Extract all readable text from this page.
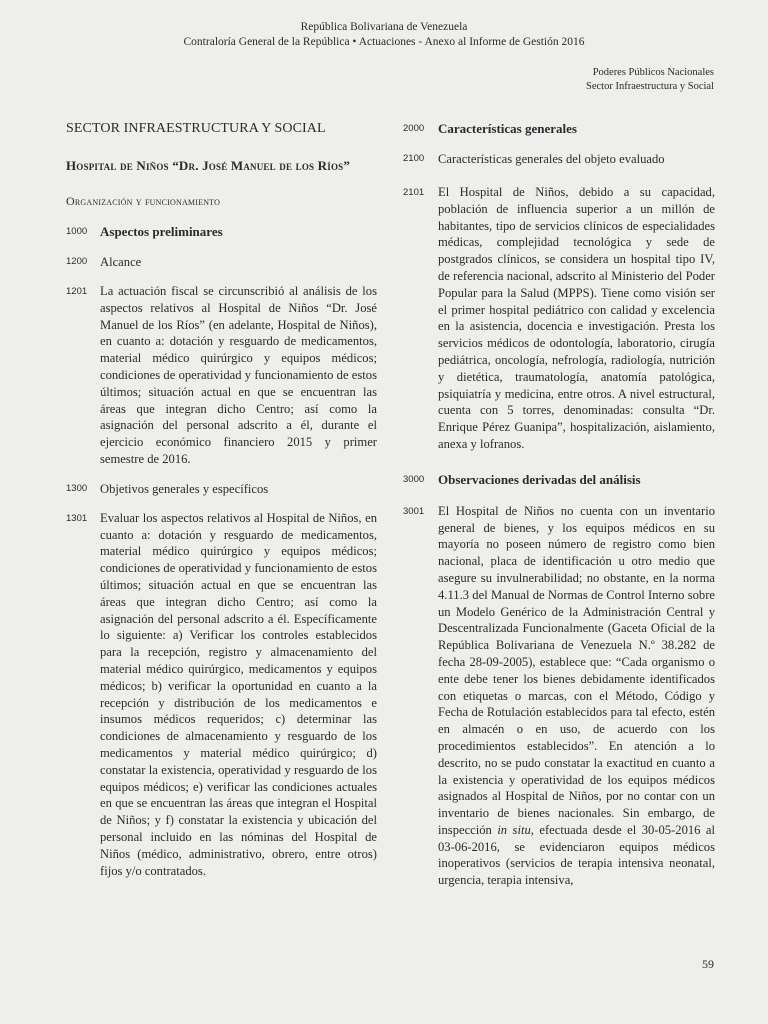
República Bolivariana de Venezuela
Contraloría General de la República • Actuaciones - Anexo al Informe de Gestión 2016
Poderes Públicos Nacionales
Sector Infraestructura y Social
SECTOR INFRAESTRUCTURA Y SOCIAL
Hospital de Niños “Dr. José Manuel de los Ríos”
Organización y funcionamiento
1000 Aspectos preliminares
1200	Alcance
1201	La actuación fiscal se circunscribió al análisis de los aspectos relativos al Hospital de Niños “Dr. José Manuel de los Ríos” (en adelante, Hospital de Niños), en cuanto a: dotación y resguardo de medicamentos, material médico quirúrgico y equipos médicos; condiciones de operatividad y funcionamiento de estos últimos; situación actual en que se encuentran las áreas que integran dicho Centro; así como la asignación del personal adscrito a él, durante el ejercicio económico financiero 2015 y primer semestre de 2016.
1300	Objetivos generales y específicos
1301	Evaluar los aspectos relativos al Hospital de Niños, en cuanto a: dotación y resguardo de medicamentos, material médico quirúrgico y equipos médicos; condiciones de operatividad y funcionamiento de estos últimos; situación actual en que se encuentran las áreas que integran dicho Centro; así como la asignación del personal adscrito a él. Específicamente lo siguiente: a) Verificar los controles establecidos para la recepción, registro y almacenamiento del material médico quirúrgico, medicamentos y equipos médicos; b) verificar la oportunidad en cuanto a la recepción y distribución de los medicamentos e insumos médicos requeridos; c) determinar las condiciones de almacenamiento y resguardo de los medicamentos y material médico quirúrgico; d) constatar la existencia, operatividad y resguardo de los equipos médicos; e) verificar las condiciones actuales en que se encuentran las áreas que integran el Hospital de Niños; y f) constatar la existencia y ubicación del personal incluido en las nóminas del Hospital de Niños (médico, administrativo, obrero, entre otros) fijos y/o contratados.
2000	Características generales
2100	Características generales del objeto evaluado
2101	El Hospital de Niños, debido a su capacidad, población de influencia superior a un millón de habitantes, tipo de servicios clínicos de especialidades médicas, complejidad tecnológica y sede de postgrados clínicos, se considera un hospital tipo IV, de referencia nacional, adscrito al Ministerio del Poder Popular para la Salud (MPPS). Tiene como visión ser el primer hospital pediátrico con calidad y excelencia en la asistencia, docencia e investigación. Presta los servicios médicos de odontología, laboratorio, cirugía pediátrica, oncología, nefrología, radiología, nutrición y dietética, traumatología, anatomía patológica, psiquiatría y medicina, entre otros. A nivel estructural, cuenta con 5 torres, denominadas: consulta “Dr. Enrique Pérez Guanipa”, hospitalización, aislamiento, anexa y lofranos.
3000	Observaciones derivadas del análisis
3001	El Hospital de Niños no cuenta con un inventario general de bienes, y los equipos médicos en su mayoría no poseen número de registro como bien nacional, placa de identificación u otro medio que asegure su invulnerabilidad; no obstante, en la norma 4.11.3 del Manual de Normas de Control Interno sobre un Modelo Genérico de la Administración Central y Descentralizada Funcionalmente (Gaceta Oficial de la República Bolivariana de Venezuela N.º 38.282 de fecha 28-09-2005), establece que: “Cada organismo o ente debe tener los bienes debidamente identificados con etiquetas o marcas, con el Método, Código y Fecha de Rotulación establecidos para tal efecto, estén en almacén o en uso, de acuerdo con los procedimientos establecidos”. En atención a lo descrito, no se pudo constatar la exactitud en cuanto a la existencia y operatividad de los equipos médicos asignados al Hospital de Niños, por no contar con un inventario de bienes nacionales. Sin embargo, de inspección in situ, efectuada desde el 30-05-2016 al 03-06-2016, se evidenciaron equipos médicos inoperativos (servicios de terapia intensiva neonatal, urgencia, terapia intensiva,
59
